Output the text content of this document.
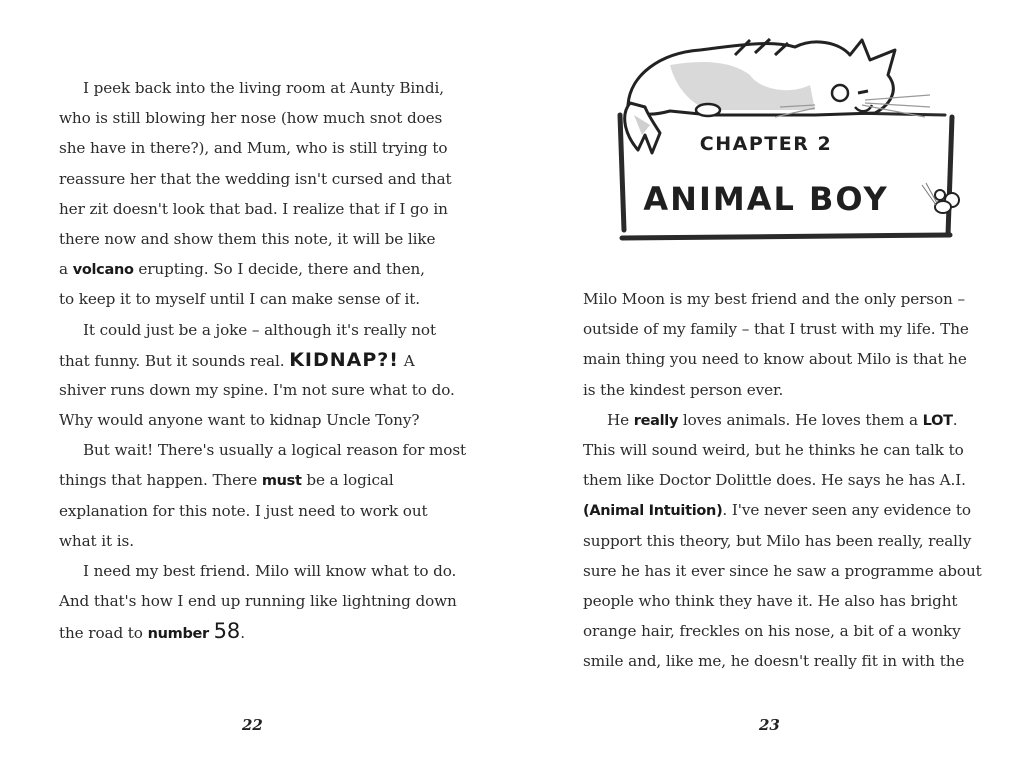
I peek back into the living room at Aunty Bindi,
who is still blowing her nose (how much snot does
she have in there?), and Mum, who is still trying to
reassure her that the wedding isn't cursed and that
her zit doesn't look that bad. I realize that if I go in
there now and show them this note, it will be like
a volcano erupting. So I decide, there and then,
to keep it to myself until I can make sense of it.
It could just be a joke – although it's really not
that funny. But it sounds real. KIDNAP?! A
shiver runs down my spine. I'm not sure what to do.
Why would anyone want to kidnap Uncle Tony?
But wait! There's usually a logical reason for most
things that happen. There must be a logical
explanation for this note. I just need to work out
what it is.
I need my best friend. Milo will know what to do.
And that's how I end up running like lightning down
the road to number 58.
22
CHAPTER 2
ANIMAL BOY
Milo Moon is my best friend and the only person –
outside of my family – that I trust with my life. The
main thing you need to know about Milo is that he
is the kindest person ever.
He really loves animals. He loves them a LOT.
This will sound weird, but he thinks he can talk to
them like Doctor Dolittle does. He says he has A.I.
(Animal Intuition). I've never seen any evidence to
support this theory, but Milo has been really, really
sure he has it ever since he saw a programme about
people who think they have it. He also has bright
orange hair, freckles on his nose, a bit of a wonky
smile and, like me, he doesn't really fit in with the
23
